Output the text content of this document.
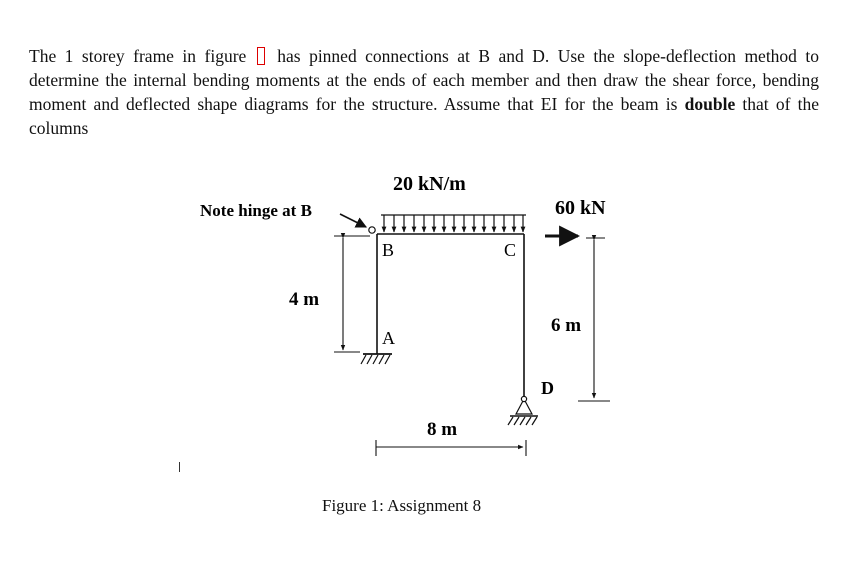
The 1 storey frame in figure has pinned connections at B and D. Use the slope-deflection method to determine the internal bending moments at the ends of each member and then draw the shear force, bending moment and deflected shape diagrams for the structure. Assume that EI for the beam is double that of the columns
20 kN/m
60 kN
Note hinge at B
B	C
A
D
4 m
6 m
8 m
Figure 1: Assignment 8
